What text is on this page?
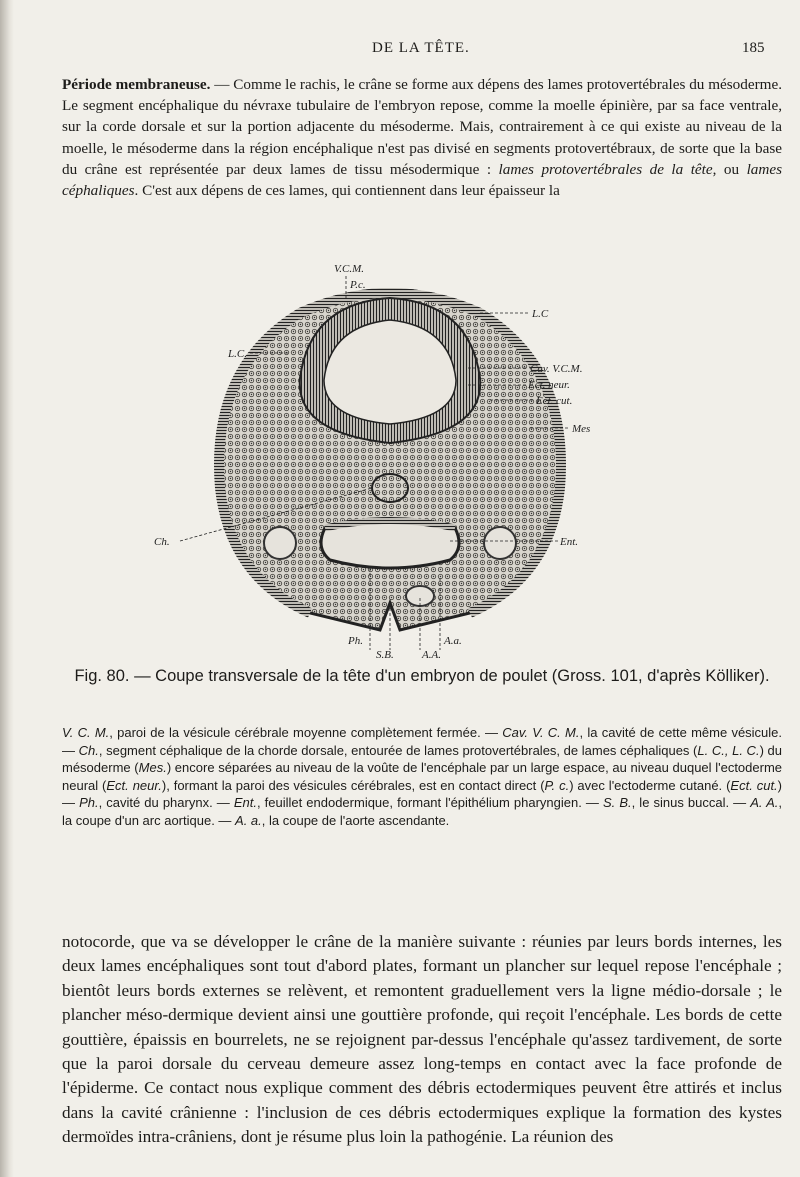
DE LA TÊTE.	185
Période membraneuse. — Comme le rachis, le crâne se forme aux dépens des lames protovertébrales du mésoderme. Le segment encéphalique du névraxe tubulaire de l'embryon repose, comme la moelle épinière, par sa face ventrale, sur la corde dorsale et sur la portion adjacente du mésoderme. Mais, contrairement à ce qui existe au niveau de la moelle, le mésoderme dans la région encéphalique n'est pas divisé en segments protovertébraux, de sorte que la base du crâne est représentée par deux lames de tissu mésodermique : lames protovertébrales de la tête, ou lames céphaliques. C'est aux dépens de ces lames, qui contiennent dans leur épaisseur la
V.C.M.
P.c.
L.C
L.C.
Cav. V.C.M.
Ect. neur.
Ect. cut.
Mes
Ch.	Ent.
Ph.
S.B.
A.a.
A.A.
Fig. 80. — Coupe transversale de la tête d'un embryon de poulet (Gross. 101, d'après Kölliker).
V. C. M., paroi de la vésicule cérébrale moyenne complètement fermée. — Cav. V. C. M., la cavité de cette même vésicule. — Ch., segment céphalique de la chorde dorsale, entourée de lames protovertébrales, de lames céphaliques (L. C., L. C.) du mésoderme (Mes.) encore séparées au niveau de la voûte de l'encéphale par un large espace, au niveau duquel l'ectoderme neural (Ect. neur.), formant la paroi des vésicules cérébrales, est en contact direct (P. c.) avec l'ectoderme cutané. (Ect. cut.) — Ph., cavité du pharynx. — Ent., feuillet endodermique, formant l'épithélium pharyngien. — S. B., le sinus buccal. — A. A., la coupe d'un arc aortique. — A. a., la coupe de l'aorte ascendante.
notocorde, que va se développer le crâne de la manière suivante : réunies par leurs bords internes, les deux lames encéphaliques sont tout d'abord plates, formant un plancher sur lequel repose l'encéphale ; bientôt leurs bords externes se relèvent, et remontent graduellement vers la ligne médio-dorsale ; le plancher méso-dermique devient ainsi une gouttière profonde, qui reçoit l'encéphale. Les bords de cette gouttière, épaissis en bourrelets, ne se rejoignent par-dessus l'encéphale qu'assez tardivement, de sorte que la paroi dorsale du cerveau demeure assez long-temps en contact avec la face profonde de l'épiderme. Ce contact nous explique comment des débris ectodermiques peuvent être attirés et inclus dans la cavité crânienne : l'inclusion de ces débris ectodermiques explique la formation des kystes dermoïdes intra-crâniens, dont je résume plus loin la pathogénie. La réunion des
